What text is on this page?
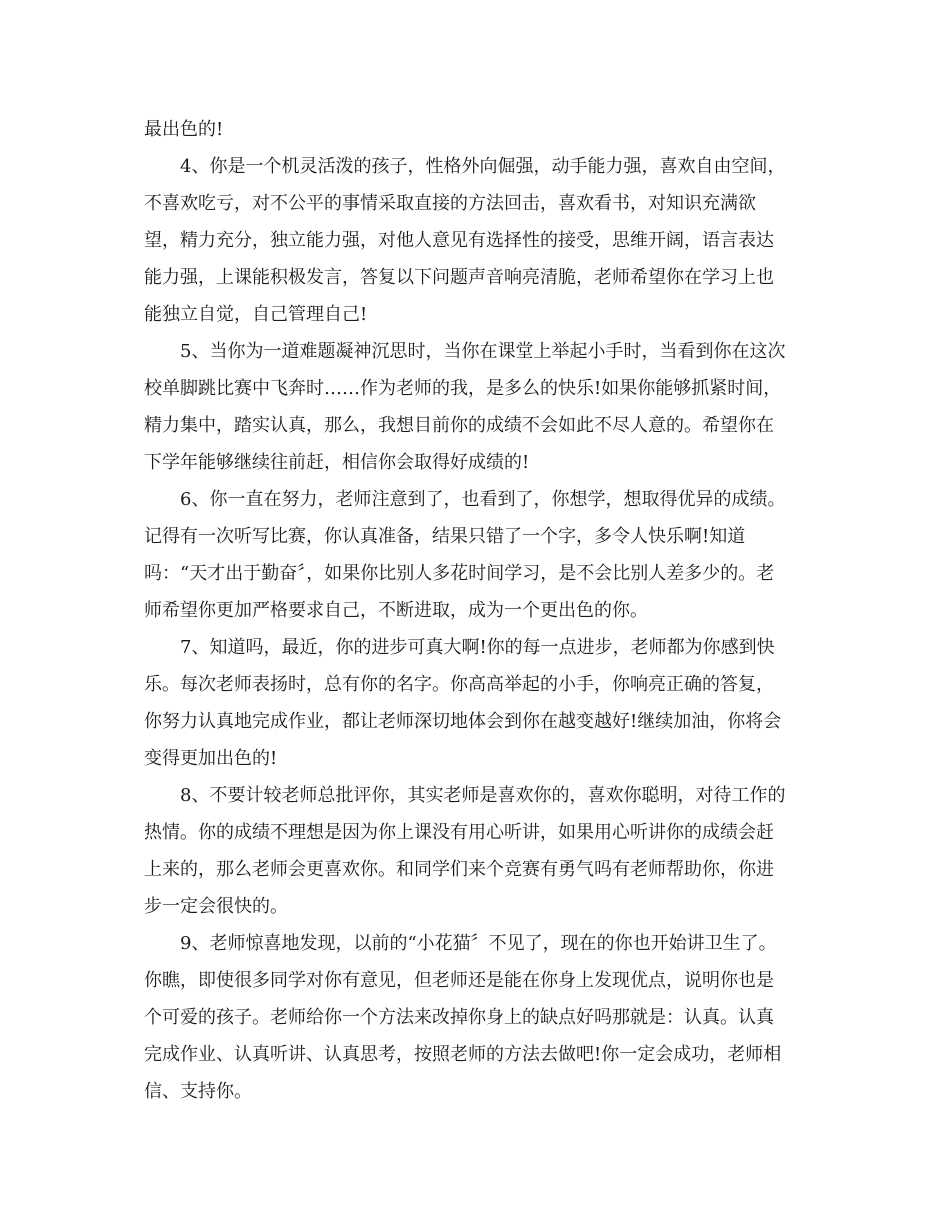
最出色的!
4、你是一个机灵活泼的孩子，性格外向倔强，动手能力强，喜欢自由空间，
不喜欢吃亏，对不公平的事情采取直接的方法回击，喜欢看书，对知识充满欲
望，精力充分，独立能力强，对他人意见有选择性的接受，思维开阔，语言表达
能力强，上课能积极发言，答复以下问题声音响亮清脆，老师希望你在学习上也
能独立自觉，自己管理自己!
5、当你为一道难题凝神沉思时，当你在课堂上举起小手时，当看到你在这次
校单脚跳比赛中飞奔时……作为老师的我，是多么的快乐!如果你能够抓紧时间，
精力集中，踏实认真，那么，我想目前你的成绩不会如此不尽人意的。希望你在
下学年能够继续往前赶，相信你会取得好成绩的!
6、你一直在努力，老师注意到了，也看到了，你想学，想取得优异的成绩。
记得有一次听写比赛，你认真准备，结果只错了一个字，多令人快乐啊!知道
吗：“天才出于勤奋〞，如果你比别人多花时间学习，是不会比别人差多少的。老
师希望你更加严格要求自己，不断进取，成为一个更出色的你。
7、知道吗，最近，你的进步可真大啊!你的每一点进步，老师都为你感到快
乐。每次老师表扬时，总有你的名字。你高高举起的小手，你响亮正确的答复，
你努力认真地完成作业，都让老师深切地体会到你在越变越好!继续加油，你将会
变得更加出色的!
8、不要计较老师总批评你，其实老师是喜欢你的，喜欢你聪明，对待工作的
热情。你的成绩不理想是因为你上课没有用心听讲，如果用心听讲你的成绩会赶
上来的，那么老师会更喜欢你。和同学们来个竞赛有勇气吗有老师帮助你，你进
步一定会很快的。
9、老师惊喜地发现，以前的“小花猫〞不见了，现在的你也开始讲卫生了。
你瞧，即使很多同学对你有意见，但老师还是能在你身上发现优点，说明你也是
个可爱的孩子。老师给你一个方法来改掉你身上的缺点好吗那就是：认真。认真
完成作业、认真听讲、认真思考，按照老师的方法去做吧!你一定会成功，老师相
信、支持你。
